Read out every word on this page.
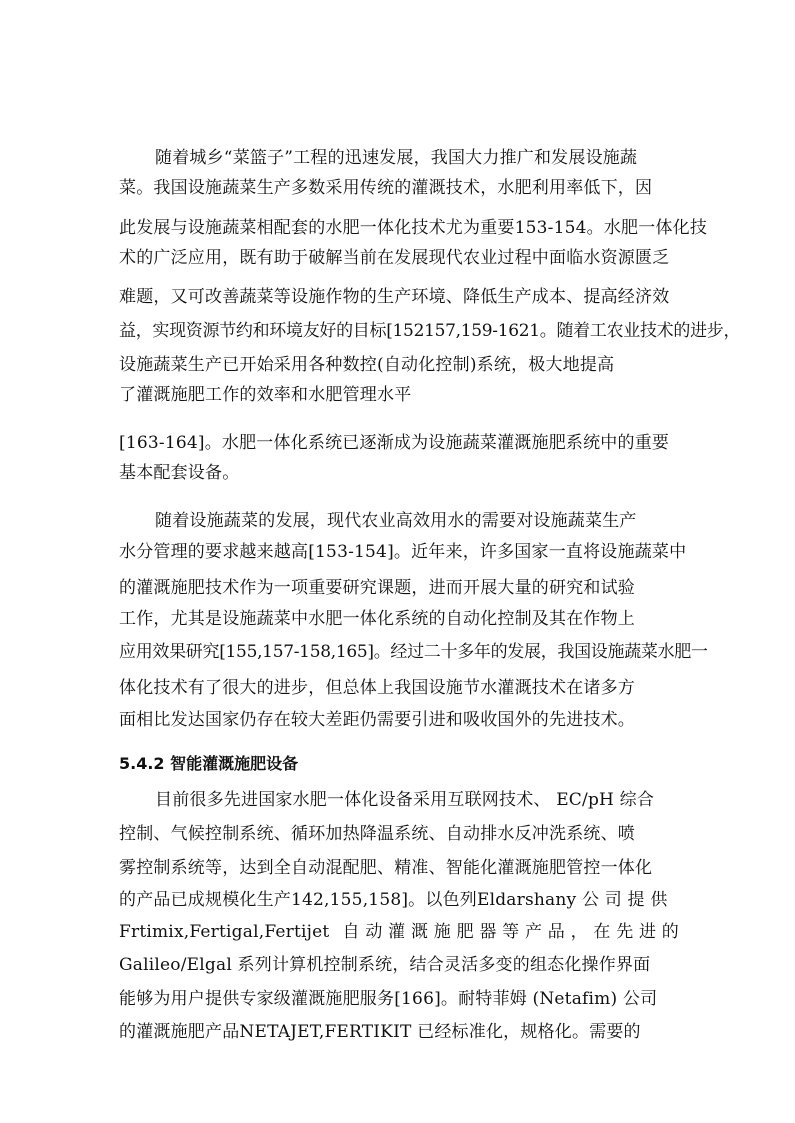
随着城乡“菜篮子”工程的迅速发展，我国大力推广和发展设施蔬
菜。我国设施蔬菜生产多数采用传统的灌溉技术，水肥利用率低下，因
此发展与设施蔬菜相配套的水肥一体化技术尤为重要153-154。水肥一体化技
术的广泛应用，既有助于破解当前在发展现代农业过程中面临水资源匮乏
难题，又可改善蔬菜等设施作物的生产环境、降低生产成本、提高经济效
益，实现资源节约和环境友好的目标[152157,159-1621。随着工农业技术的进步，
设施蔬菜生产已开始采用各种数控(自动化控制)系统，极大地提高
了灌溉施肥工作的效率和水肥管理水平
[163-164]。水肥一体化系统已逐渐成为设施蔬菜灌溉施肥系统中的重要
基本配套设备。
随着设施蔬菜的发展，现代农业高效用水的需要对设施蔬菜生产
水分管理的要求越来越高[153-154]。近年来，许多国家一直将设施蔬菜中
的灌溉施肥技术作为一项重要研究课题，进而开展大量的研究和试验
工作，尤其是设施蔬菜中水肥一体化系统的自动化控制及其在作物上
应用效果研究[155,157-158,165]。经过二十多年的发展，我国设施蔬菜水肥一
体化技术有了很大的进步，但总体上我国设施节水灌溉技术在诸多方
面相比发达国家仍存在较大差距仍需要引进和吸收国外的先进技术。
5.4.2 智能灌溉施肥设备
目前很多先进国家水肥一体化设备采用互联网技术、 EC/pH 综合
控制、气候控制系统、循环加热降温系统、自动排水反冲洗系统、喷
雾控制系统等，达到全自动混配肥、精准、智能化灌溉施肥管控一体化
的产品已成规模化生产142,155,158]。以色列Eldarshany 公 司 提 供
Frtimix,Fertigal,Fertijet 自 动 灌 溉 施 肥 器 等 产 品 ， 在 先 进 的
Galileo/Elgal 系列计算机控制系统，结合灵活多变的组态化操作界面
能够为用户提供专家级灌溉施肥服务[166]。耐特菲姆 (Netafim) 公司
的灌溉施肥产品NETAJET,FERTIKIT 已经标准化，规格化。需要的
